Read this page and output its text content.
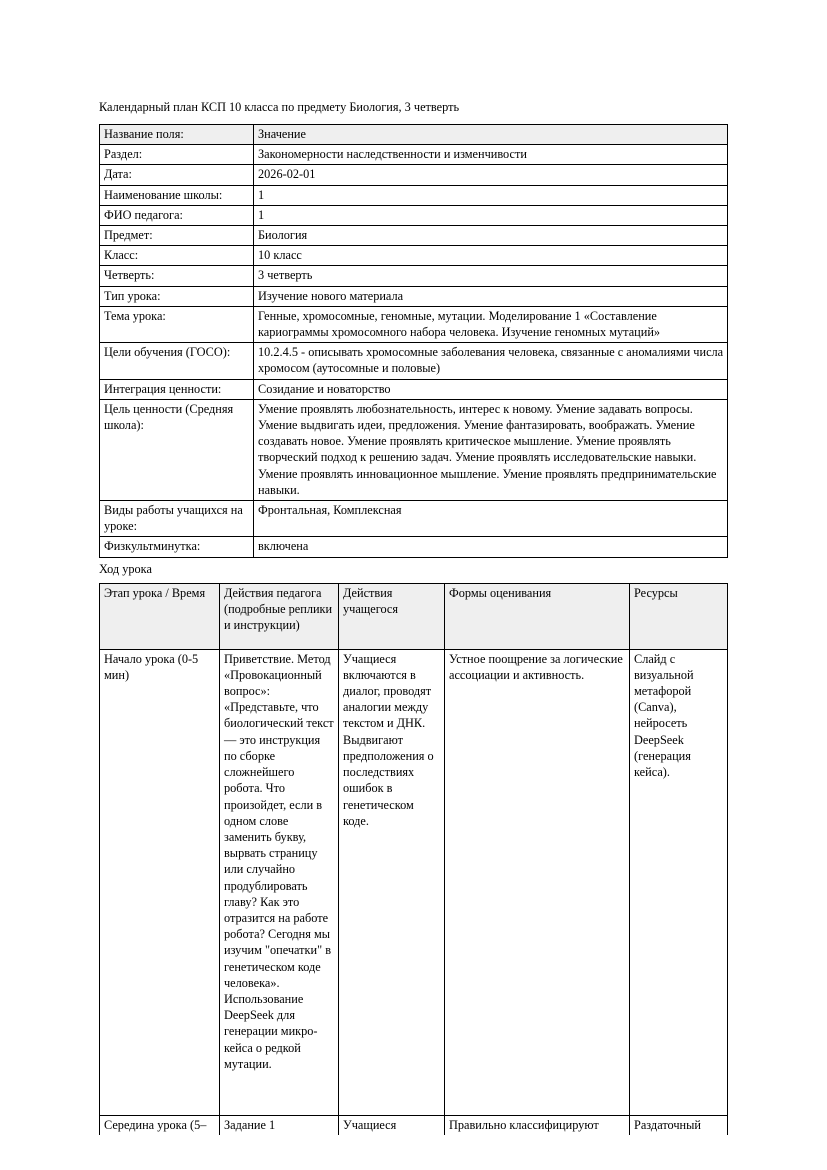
Календарный план КСП 10 класса по предмету Биология, 3 четверть
Название поля:	Значение
Раздел:	Закономерности наследственности и изменчивости
Дата:	2026-02-01
Наименование школы:	1
ФИО педагога:	1
Предмет:	Биология
Класс:	10 класс
Четверть:	3 четверть
Тип урока:	Изучение нового материала
Тема урока:	Генные, хромосомные, геномные, мутации. Моделирование 1 «Составление кариограммы хромосомного набора человека. Изучение геномных мутаций»
Цели обучения (ГОСО):	10.2.4.5 - описывать хромосомные заболевания человека, связанные с аномалиями числа хромосом (аутосомные и половые)
Интеграция ценности:	Созидание и новаторство
Цель ценности (Средняя школа):	Умение проявлять любознательность, интерес к новому. Умение задавать вопросы. Умение выдвигать идеи, предложения. Умение фантазировать, воображать. Умение создавать новое. Умение проявлять критическое мышление. Умение проявлять творческий подход к решению задач. Умение проявлять исследовательские навыки. Умение проявлять инновационное мышление. Умение проявлять предпринимательские навыки.
Виды работы учащихся на уроке:	Фронтальная, Комплексная
Физкультминутка:	включена
Ход урока
Этап урока / Время	Действия педагога (подробные реплики и инструкции)	Действия учащегося	Формы оценивания	Ресурсы
Начало урока (0-5 мин)	Приветствие. Метод «Провокационный вопрос»: «Представьте, что биологический текст — это инструкция по сборке сложнейшего робота. Что произойдет, если в одном слове заменить букву, вырвать страницу или случайно продублировать главу? Как это отразится на работе робота? Сегодня мы изучим "опечатки" в генетическом коде человека». Использование DeepSeek для генерации микро-кейса о редкой мутации.	Учащиеся включаются в диалог, проводят аналогии между текстом и ДНК. Выдвигают предположения о последствиях ошибок в генетическом коде.	Устное поощрение за логические ассоциации и активность.	Слайд с визуальной метафорой (Canva), нейросеть DeepSeek (генерация кейса).

Середина урока (5–	Задание 1	Учащиеся	Правильно классифицируют	Раздаточный
